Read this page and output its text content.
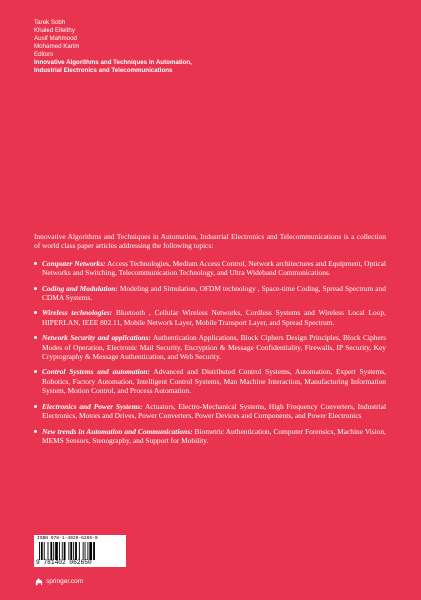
Tarek Sobh
Khaled Elleithy
Ausif Mahmood
Mohamed Karim
Editors
Innovative Algorithms and Techniques in Automation,
Industrial Electronics and Telecommunications

Innovative Algorithms and Techniques in Automation, Industrial Electronics and Telecommunications is a collection of world class paper articles addressing the following topics:

Computer Networks: Access Technologies, Medium Access Control, Network architectures and Equipment, Optical Networks and Switching, Telecommunication Technology, and Ultra Wideband Communications.
Coding and Modulation: Modeling and Simulation, OFDM technology , Space-time Coding, Spread Spectrum and CDMA Systems.
Wireless technologies: Bluetooth , Cellular Wireless Networks, Cordless Systems and Wireless Local Loop, HIPERLAN, IEEE 802.11, Mobile Network Layer, Mobile Transport Layer, and Spread Spectrum.
Network Security and applications: Authentication Applications, Block Ciphers Design Principles, Block Ciphers Modes of Operation, Electronic Mail Security, Encryption & Message Confidentiality, Firewalls, IP Security, Key Cryptography & Message Authentication, and Web Security.
Control Systems and automation: Advanced and Distributed Control Systems, Automation, Expert Systems, Robotics, Factory Automation, Intelligent Control Systems, Man Machine Interaction, Manufacturing Information System, Motion Control, and Process Automation.
Electronics and Power Systems: Actuators, Electro-Mechanical Systems, High Frequency Converters, Industrial Electronics, Motors and Drives, Power Converters, Power Devices and Components, and Power Electronics
New trends in Automation and Communications: Biometric Authentication, Computer Forensics, Machine Vision, MEMS Sensors, Stenography, and Support for Mobility.
ISBN 978-1-4020-6265-0
9 781402 062650
springer.com
